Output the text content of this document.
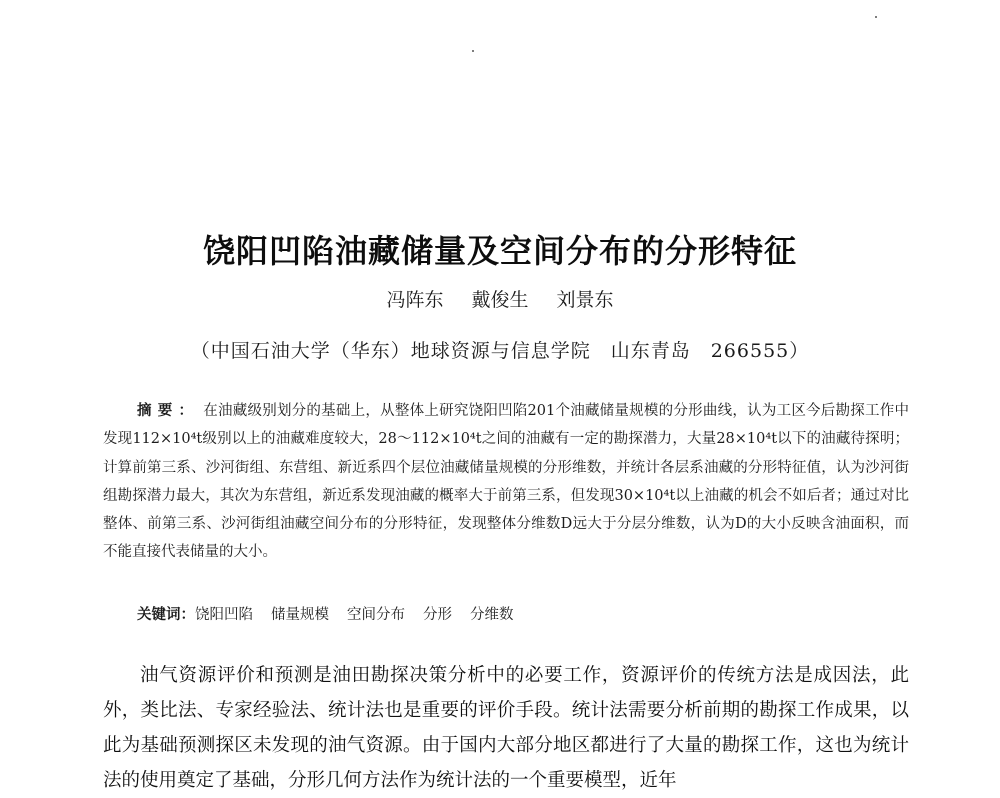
饶阳凹陷油藏储量及空间分布的分形特征
冯阵东 戴俊生 刘景东
（中国石油大学（华东）地球资源与信息学院　山东青岛　266555）
摘要： 在油藏级别划分的基础上，从整体上研究饶阳凹陷201个油藏储量规模的分形曲线，认为工区今后勘探工作中发现112×10⁴t级别以上的油藏难度较大，28～112×10⁴t之间的油藏有一定的勘探潜力，大量28×10⁴t以下的油藏待探明；计算前第三系、沙河街组、东营组、新近系四个层位油藏储量规模的分形维数，并统计各层系油藏的分形特征值，认为沙河街组勘探潜力最大，其次为东营组，新近系发现油藏的概率大于前第三系，但发现30×10⁴t以上油藏的机会不如后者；通过对比整体、前第三系、沙河街组油藏空间分布的分形特征，发现整体分维数D远大于分层分维数，认为D的大小反映含油面积，而不能直接代表储量的大小。
关键词：饶阳凹陷 储量规模 空间分布 分形 分维数
油气资源评价和预测是油田勘探决策分析中的必要工作，资源评价的传统方法是成因法，此外，类比法、专家经验法、统计法也是重要的评价手段。统计法需要分析前期的勘探工作成果，以此为基础预测探区未发现的油气资源。由于国内大部分地区都进行了大量的勘探工作，这也为统计法的使用奠定了基础，分形几何方法作为统计法的一个重要模型，近年
